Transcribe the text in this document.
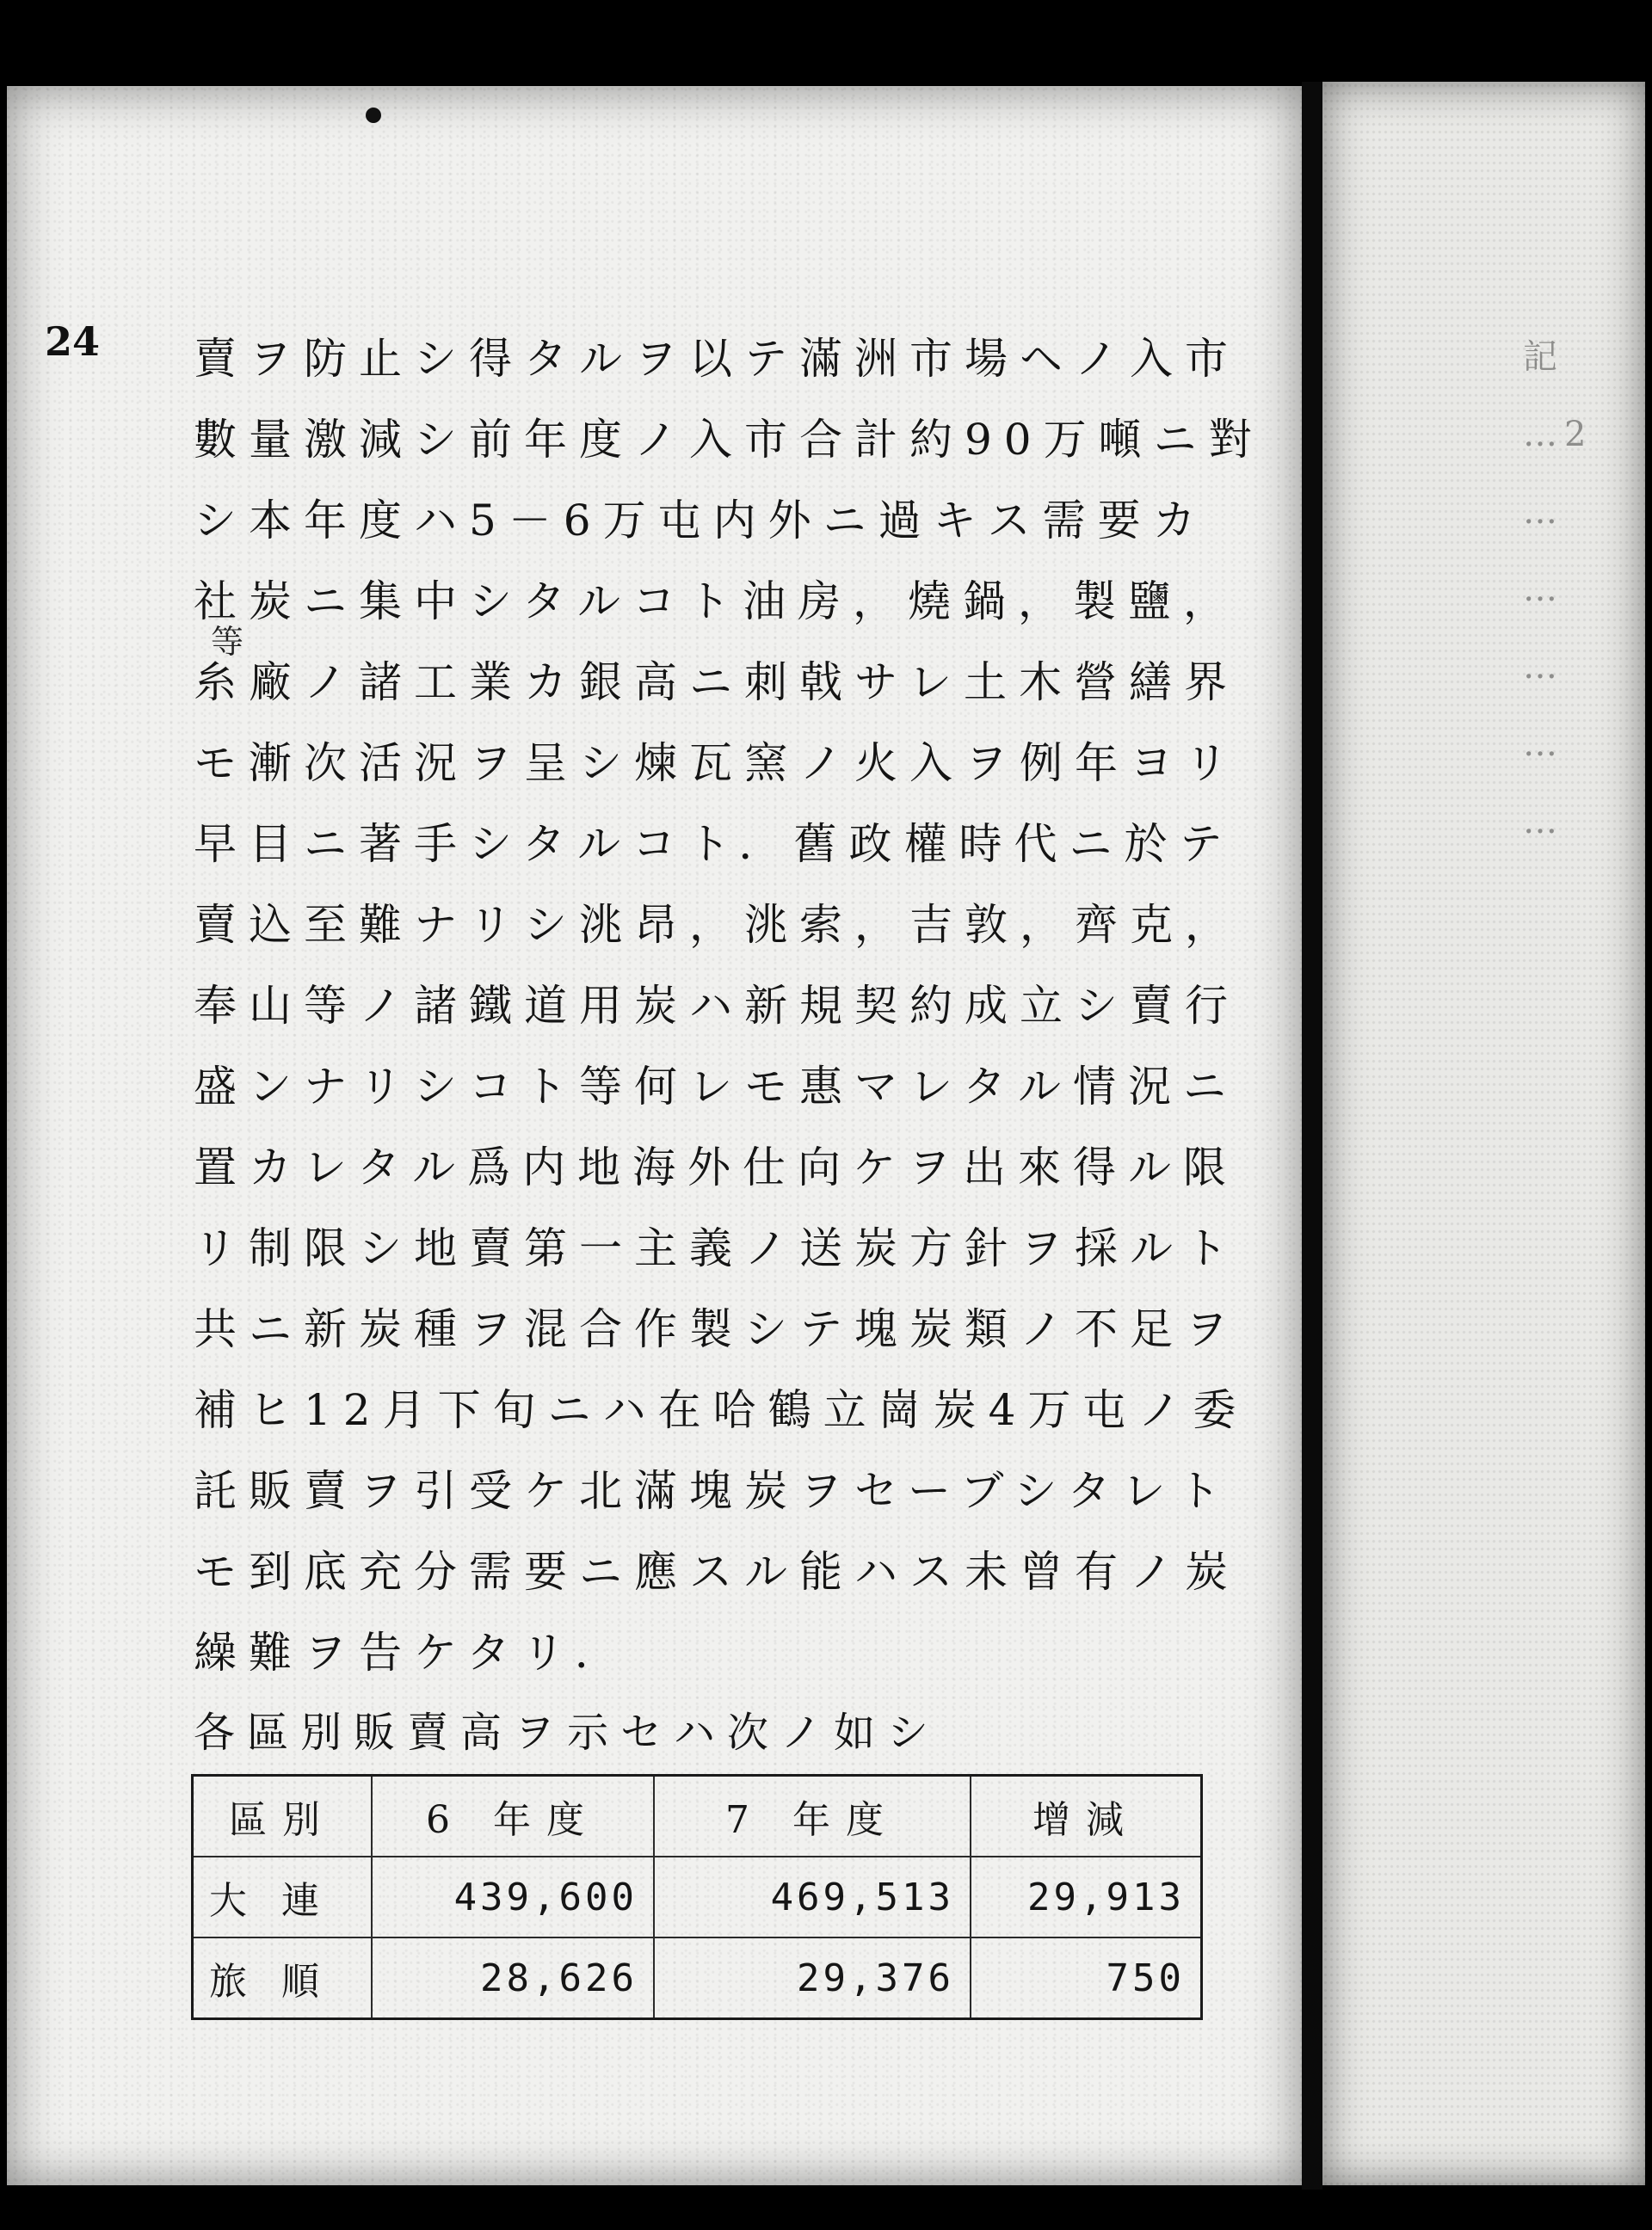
24
等
賣ヲ防止シ得タルヲ以テ滿洲市場ヘノ入市
數量激減シ前年度ノ入市合計約90万噸ニ對
シ本年度ハ5－6万屯内外ニ過キス需要カ
社炭ニ集中シタルコト油房，燒鍋，製鹽，
糸廠ノ諸工業カ銀高ニ刺戟サレ土木營繕界
モ漸次活況ヲ呈シ煉瓦窯ノ火入ヲ例年ヨリ
早目ニ著手シタルコト．舊政權時代ニ於テ
賣込至難ナリシ洮昂，洮索，吉敦，齊克，
奉山等ノ諸鐵道用炭ハ新規契約成立シ賣行
盛ンナリシコト等何レモ惠マレタル情況ニ
置カレタル爲内地海外仕向ケヲ出來得ル限
リ制限シ地賣第一主義ノ送炭方針ヲ採ルト
共ニ新炭種ヲ混合作製シテ塊炭類ノ不足ヲ
補ヒ12月下旬ニハ在哈鶴立崗炭4万屯ノ委
託販賣ヲ引受ケ北滿塊炭ヲセーブシタレト
モ到底充分需要ニ應スル能ハス未曾有ノ炭
繰難ヲ告ケタリ．
各區別販賣高ヲ示セハ次ノ如シ
區別	6 年度	7 年度	增減
大連	439,600	469,513	29,913
旅順	28,626	29,376	750
記
…2
…
…
…
…
…
